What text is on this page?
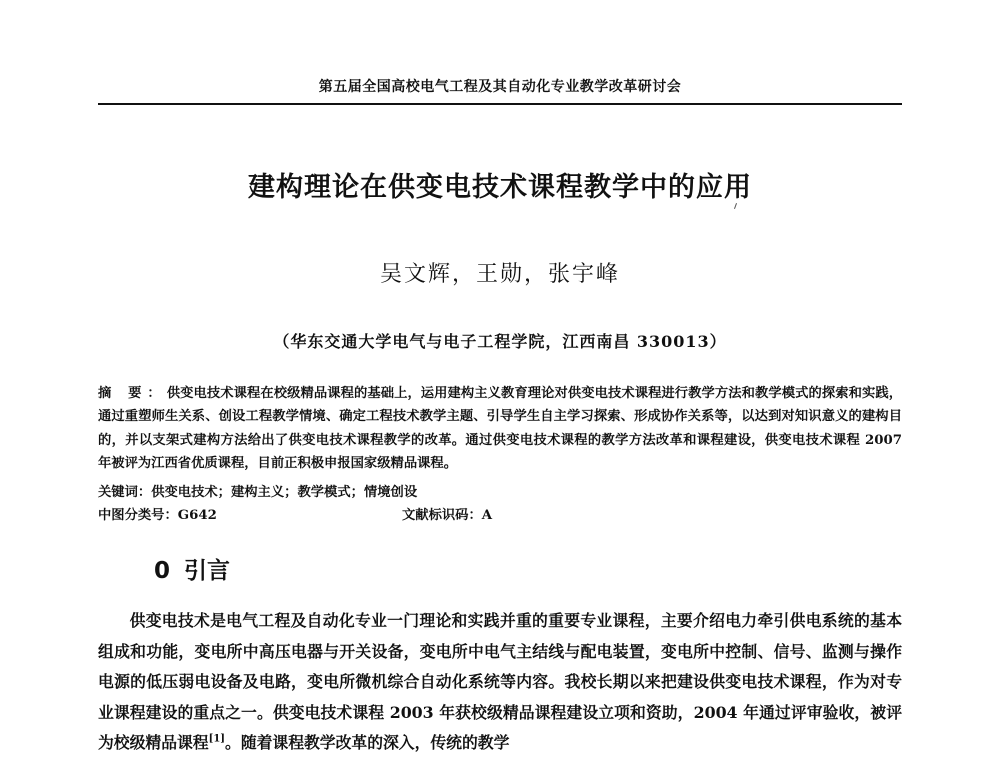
第五届全国高校电气工程及其自动化专业教学改革研讨会
建构理论在供变电技术课程教学中的应用
吴文辉，王勋，张宇峰
（华东交通大学电气与电子工程学院，江西南昌 330013）
摘 要：供变电技术课程在校级精品课程的基础上，运用建构主义教育理论对供变电技术课程进行教学方法和教学模式的探索和实践，通过重塑师生关系、创设工程教学情境、确定工程技术教学主题、引导学生自主学习探索、形成协作关系等，以达到对知识意义的建构目的，并以支架式建构方法给出了供变电技术课程教学的改革。通过供变电技术课程的教学方法改革和课程建设，供变电技术课程 2007 年被评为江西省优质课程，目前正积极申报国家级精品课程。
关键词：供变电技术；建构主义；教学模式；情境创设
中图分类号：G642	文献标识码：A
0 引言
供变电技术是电气工程及自动化专业一门理论和实践并重的重要专业课程，主要介绍电力牵引供电系统的基本组成和功能，变电所中高压电器与开关设备，变电所中电气主结线与配电装置，变电所中控制、信号、监测与操作电源的低压弱电设备及电路，变电所微机综合自动化系统等内容。我校长期以来把建设供变电技术课程，作为对专业课程建设的重点之一。供变电技术课程 2003 年获校级精品课程建设立项和资助，2004 年通过评审验收，被评为校级精品课程[1]。随着课程教学改革的深入，传统的教学
